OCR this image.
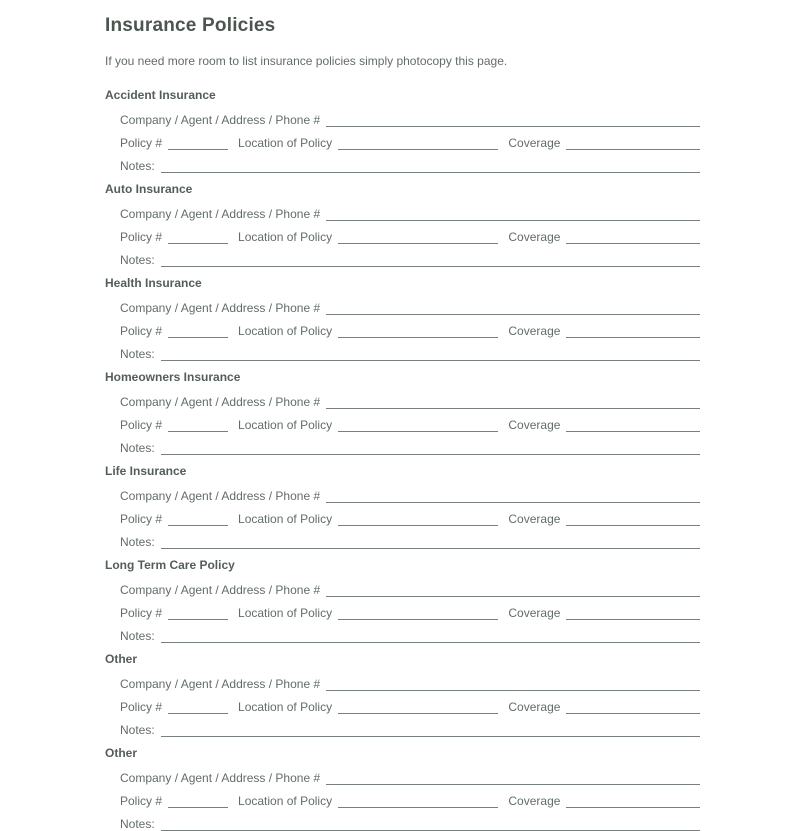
Insurance Policies

If you need more room to list insurance policies simply photocopy this page.

Accident Insurance
Company / Agent / Address / Phone #
Policy #	Location of Policy	Coverage
Notes:
Auto Insurance
Company / Agent / Address / Phone #
Policy #	Location of Policy	Coverage
Notes:
Health Insurance
Company / Agent / Address / Phone #
Policy #	Location of Policy	Coverage
Notes:
Homeowners Insurance
Company / Agent / Address / Phone #
Policy #	Location of Policy	Coverage
Notes:
Life Insurance
Company / Agent / Address / Phone #
Policy #	Location of Policy	Coverage
Notes:
Long Term Care Policy
Company / Agent / Address / Phone #
Policy #	Location of Policy	Coverage
Notes:
Other
Company / Agent / Address / Phone #
Policy #	Location of Policy	Coverage
Notes:
Other
Company / Agent / Address / Phone #
Policy #	Location of Policy	Coverage
Notes:
